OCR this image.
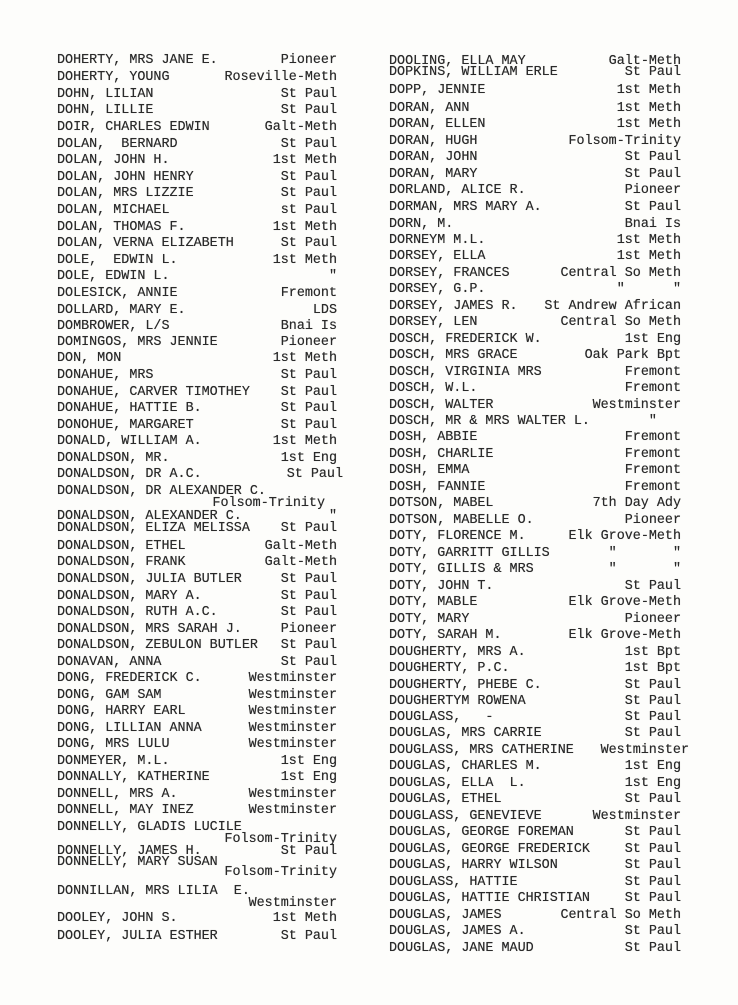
DOHERTY, MRS JANE E.	Pioneer
DOHERTY, YOUNG	Roseville-Meth
DOHN, LILIAN	St Paul
DOHN, LILLIE	St Paul
DOIR, CHARLES EDWIN	Galt-Meth
DOLAN,  BERNARD	St Paul
DOLAN, JOHN H.	1st Meth
DOLAN, JOHN HENRY	St Paul
DOLAN, MRS LIZZIE	St Paul
DOLAN, MICHAEL	st Paul
DOLAN, THOMAS F.	1st Meth
DOLAN, VERNA ELIZABETH	St Paul
DOLE,  EDWIN L.	1st Meth
DOLE, EDWIN L.	"
DOLESICK, ANNIE	Fremont
DOLLARD, MARY E.	LDS
DOMBROWER, L/S	Bnai Is
DOMINGOS, MRS JENNIE	Pioneer
DON, MON	1st Meth
DONAHUE, MRS	St Paul
DONAHUE, CARVER TIMOTHEY St Paul
DONAHUE, HATTIE B.	St Paul
DONOHUE, MARGARET	St Paul
DONALD, WILLIAM A.	1st Meth
DONALDSON, MR.	1st Eng
DONALDSON, DR A.C.	St Paul
DONALDSON, DR ALEXANDER C.
Folsom-Trinity
DONALDSON, ALEXANDER C.	"
DONALDSON, ELIZA MELISSA St Paul
DONALDSON, ETHEL	Galt-Meth
DONALDSON, FRANK	Galt-Meth
DONALDSON, JULIA BUTLER	St Paul
DONALDSON, MARY A.	St Paul
DONALDSON, RUTH A.C.	St Paul
DONALDSON, MRS SARAH J.	Pioneer
DONALDSON, ZEBULON BUTLER St Paul
DONAVAN, ANNA	St Paul
DONG, FREDERICK C.	Westminster
DONG, GAM SAM	Westminster
DONG, HARRY EARL	Westminster
DONG, LILLIAN ANNA	Westminster
DONG, MRS LULU	Westminster
DONMEYER, M.L.	1st Eng
DONNALLY, KATHERINE	1st Eng
DONNELL, MRS A.	Westminster
DONNELL, MAY INEZ	Westminster
DONNELLY, GLADIS LUCILE
Folsom-Trinity
DONNELLY, JAMES H.	St Paul
DONNELLY, MARY SUSAN
Folsom-Trinity
DONNILLAN, MRS LILIA  E.
Westminster
DOOLEY, JOHN S.	1st Meth
DOOLEY, JULIA ESTHER	St Paul
DOOLING, ELLA MAY	Galt-Meth
DOPKINS, WILLIAM ERLE	St Paul
DOPP, JENNIE	1st Meth
DORAN, ANN	1st Meth
DORAN, ELLEN	1st Meth
DORAN, HUGH	Folsom-Trinity
DORAN, JOHN	St Paul
DORAN, MARY	St Paul
DORLAND, ALICE R.	Pioneer
DORMAN, MRS MARY A.	St Paul
DORN, M.	Bnai Is
DORNEYM M.L.	1st Meth
DORSEY, ELLA	1st Meth
DORSEY, FRANCES	Central So Meth
DORSEY, G.P.	"      "
DORSEY, JAMES R. St Andrew African
DORSEY, LEN	Central So Meth
DOSCH, FREDERICK W.	1st Eng
DOSCH, MRS GRACE	Oak Park Bpt
DOSCH, VIRGINIA MRS	Fremont
DOSCH, W.L.	Fremont
DOSCH, WALTER	Westminster
DOSCH, MR & MRS WALTER L.	"
DOSH, ABBIE	Fremont
DOSH, CHARLIE	Fremont
DOSH, EMMA	Fremont
DOSH, FANNIE	Fremont
DOTSON, MABEL	7th Day Ady
DOTSON, MABELLE O.	Pioneer
DOTY, FLORENCE M.	Elk Grove-Meth
DOTY, GARRITT GILLIS	"       "
DOTY, GILLIS & MRS	"       "
DOTY, JOHN T.	St Paul
DOTY, MABLE	Elk Grove-Meth
DOTY, MARY	Pioneer
DOTY, SARAH M.	Elk Grove-Meth
DOUGHERTY, MRS A.	1st Bpt
DOUGHERTY, P.C.	1st Bpt
DOUGHERTY, PHEBE C.	St Paul
DOUGHERTYM ROWENA	St Paul
DOUGLASS,   -	St Paul
DOUGLAS, MRS CARRIE	St Paul
DOUGLASS, MRS CATHERINE Westminster
DOUGLAS, CHARLES M.	1st Eng
DOUGLAS, ELLA  L.	1st Eng
DOUGLAS, ETHEL	St Paul
DOUGLASS, GENEVIEVE	Westminster
DOUGLAS, GEORGE FOREMAN	St Paul
DOUGLAS, GEORGE FREDERICK	St Paul
DOUGLAS, HARRY WILSON	St Paul
DOUGLASS, HATTIE	St Paul
DOUGLAS, HATTIE CHRISTIAN	St Paul
DOUGLAS, JAMES	Central So Meth
DOUGLAS, JAMES A.	St Paul
DOUGLAS, JANE MAUD	St Paul
